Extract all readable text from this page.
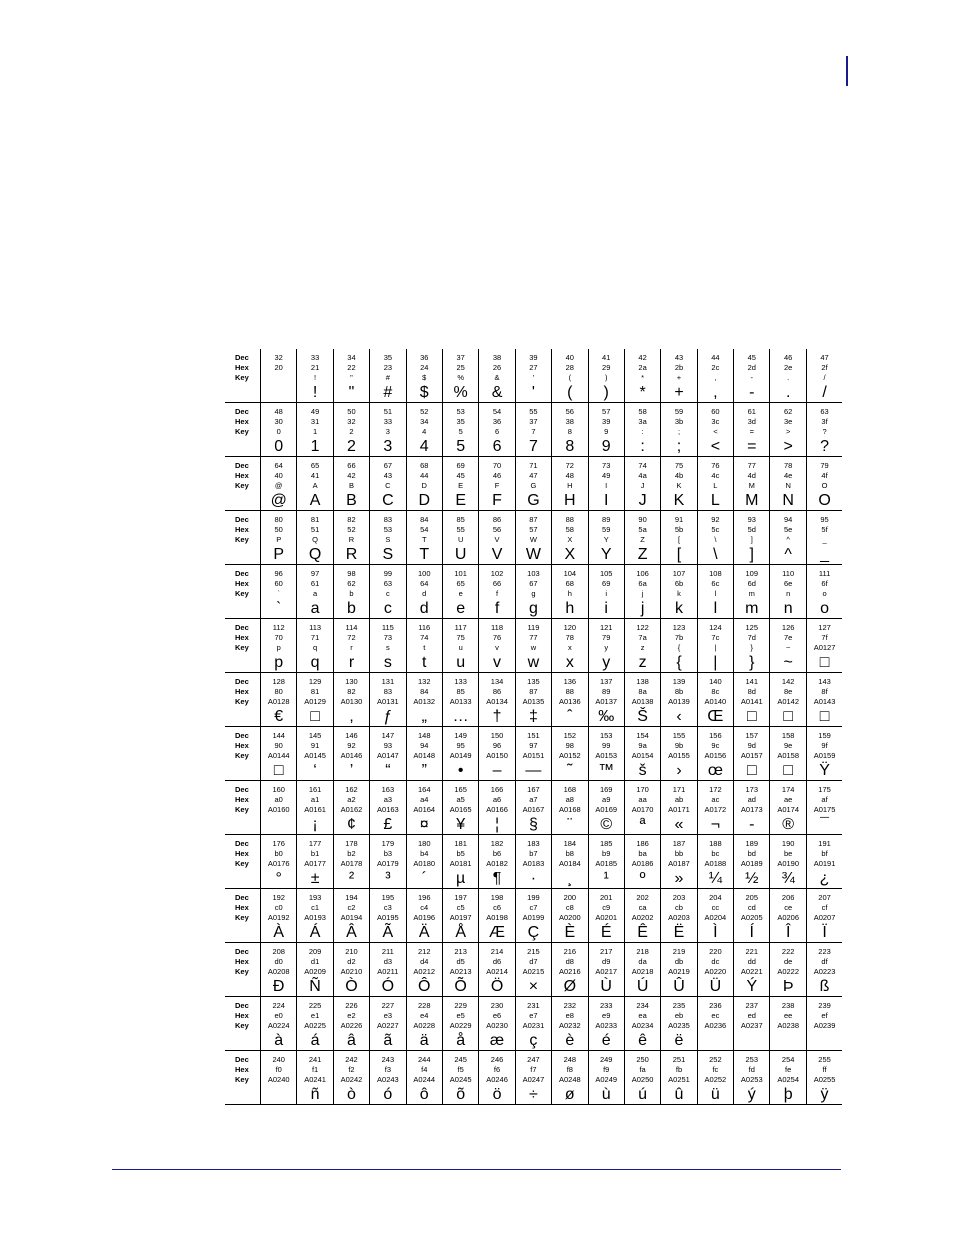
Dec
Hex
Key
32
20
33
21
!
!
34
22
"
"
35
23
#
#
36
24
$
$
37
25
%
%
38
26
&
&
39
27
'
'
40
28
(
(
41
29
)
)
42
2a
*
*
43
2b
+
+
44
2c
,
,
45
2d
-
-
46
2e
.
.
47
2f
/
/
Dec
Hex
Key
48
30
0
0
49
31
1
1
50
32
2
2
51
33
3
3
52
34
4
4
53
35
5
5
54
36
6
6
55
37
7
7
56
38
8
8
57
39
9
9
58
3a
:
:
59
3b
;
;
60
3c
<
<
61
3d
=
=
62
3e
>
>
63
3f
?
?
Dec
Hex
Key
64
40
@
@
65
41
A
A
66
42
B
B
67
43
C
C
68
44
D
D
69
45
E
E
70
46
F
F
71
47
G
G
72
48
H
H
73
49
I
I
74
4a
J
J
75
4b
K
K
76
4c
L
L
77
4d
M
M
78
4e
N
N
79
4f
O
O
Dec
Hex
Key
80
50
P
P
81
51
Q
Q
82
52
R
R
83
53
S
S
84
54
T
T
85
55
U
U
86
56
V
V
87
57
W
W
88
58
X
X
89
59
Y
Y
90
5a
Z
Z
91
5b
[
[
92
5c
\
\
93
5d
]
]
94
5e
^
^
95
5f
_
_
Dec
Hex
Key
96
60
`
`
97
61
a
a
98
62
b
b
99
63
c
c
100
64
d
d
101
65
e
e
102
66
f
f
103
67
g
g
104
68
h
h
105
69
i
i
106
6a
j
j
107
6b
k
k
108
6c
l
l
109
6d
m
m
110
6e
n
n
111
6f
o
o
Dec
Hex
Key
112
70
p
p
113
71
q
q
114
72
r
r
115
73
s
s
116
74
t
t
117
75
u
u
118
76
v
v
119
77
w
w
120
78
x
x
121
79
y
y
122
7a
z
z
123
7b
{
{
124
7c
|
|
125
7d
}
}
126
7e
~
~
127
7f
A0127
□
Dec
Hex
Key
128
80
A0128
€
129
81
A0129
□
130
82
A0130
‚
131
83
A0131
ƒ
132
84
A0132
„
133
85
A0133
…
134
86
A0134
†
135
87
A0135
‡
136
88
A0136
ˆ
137
89
A0137
‰
138
8a
A0138
Š
139
8b
A0139
‹
140
8c
A0140
Œ
141
8d
A0141
□
142
8e
A0142
□
143
8f
A0143
□
Dec
Hex
Key
144
90
A0144
□
145
91
A0145
‘
146
92
A0146
’
147
93
A0147
“
148
94
A0148
”
149
95
A0149
•
150
96
A0150
–
151
97
A0151
—
152
98
A0152
˜
153
99
A0153
™
154
9a
A0154
š
155
9b
A0155
›
156
9c
A0156
œ
157
9d
A0157
□
158
9e
A0158
□
159
9f
A0159
Ÿ
Dec
Hex
Key
160
a0
A0160
161
a1
A0161
¡
162
a2
A0162
¢
163
a3
A0163
£
164
a4
A0164
¤
165
a5
A0165
¥
166
a6
A0166
¦
167
a7
A0167
§
168
a8
A0168
¨
169
a9
A0169
©
170
aa
A0170
ª
171
ab
A0171
«
172
ac
A0172
¬
173
ad
A0173
-
174
ae
A0174
®
175
af
A0175
¯
Dec
Hex
Key
176
b0
A0176
°
177
b1
A0177
±
178
b2
A0178
²
179
b3
A0179
³
180
b4
A0180
´
181
b5
A0181
µ
182
b6
A0182
¶
183
b7
A0183
·
184
b8
A0184
¸
185
b9
A0185
¹
186
ba
A0186
º
187
bb
A0187
»
188
bc
A0188
¼
189
bd
A0189
½
190
be
A0190
¾
191
bf
A0191
¿
Dec
Hex
Key
192
c0
A0192
À
193
c1
A0193
Á
194
c2
A0194
Â
195
c3
A0195
Ã
196
c4
A0196
Ä
197
c5
A0197
Å
198
c6
A0198
Æ
199
c7
A0199
Ç
200
c8
A0200
È
201
c9
A0201
É
202
ca
A0202
Ê
203
cb
A0203
Ë
204
cc
A0204
Ì
205
cd
A0205
Í
206
ce
A0206
Î
207
cf
A0207
Ï
Dec
Hex
Key
208
d0
A0208
Ð
209
d1
A0209
Ñ
210
d2
A0210
Ò
211
d3
A0211
Ó
212
d4
A0212
Ô
213
d5
A0213
Õ
214
d6
A0214
Ö
215
d7
A0215
×
216
d8
A0216
Ø
217
d9
A0217
Ù
218
da
A0218
Ú
219
db
A0219
Û
220
dc
A0220
Ü
221
dd
A0221
Ý
222
de
A0222
Þ
223
df
A0223
ß
Dec
Hex
Key
224
e0
A0224
à
225
e1
A0225
á
226
e2
A0226
â
227
e3
A0227
ã
228
e4
A0228
ä
229
e5
A0229
å
230
e6
A0230
æ
231
e7
A0231
ç
232
e8
A0232
è
233
e9
A0233
é
234
ea
A0234
ê
235
eb
A0235
ë
236
ec
A0236
237
ed
A0237
238
ee
A0238
239
ef
A0239
Dec
Hex
Key
240
f0
A0240
241
f1
A0241
ñ
242
f2
A0242
ò
243
f3
A0243
ó
244
f4
A0244
ô
245
f5
A0245
õ
246
f6
A0246
ö
247
f7
A0247
÷
248
f8
A0248
ø
249
f9
A0249
ù
250
fa
A0250
ú
251
fb
A0251
û
252
fc
A0252
ü
253
fd
A0253
ý
254
fe
A0254
þ
255
ff
A0255
ÿ
